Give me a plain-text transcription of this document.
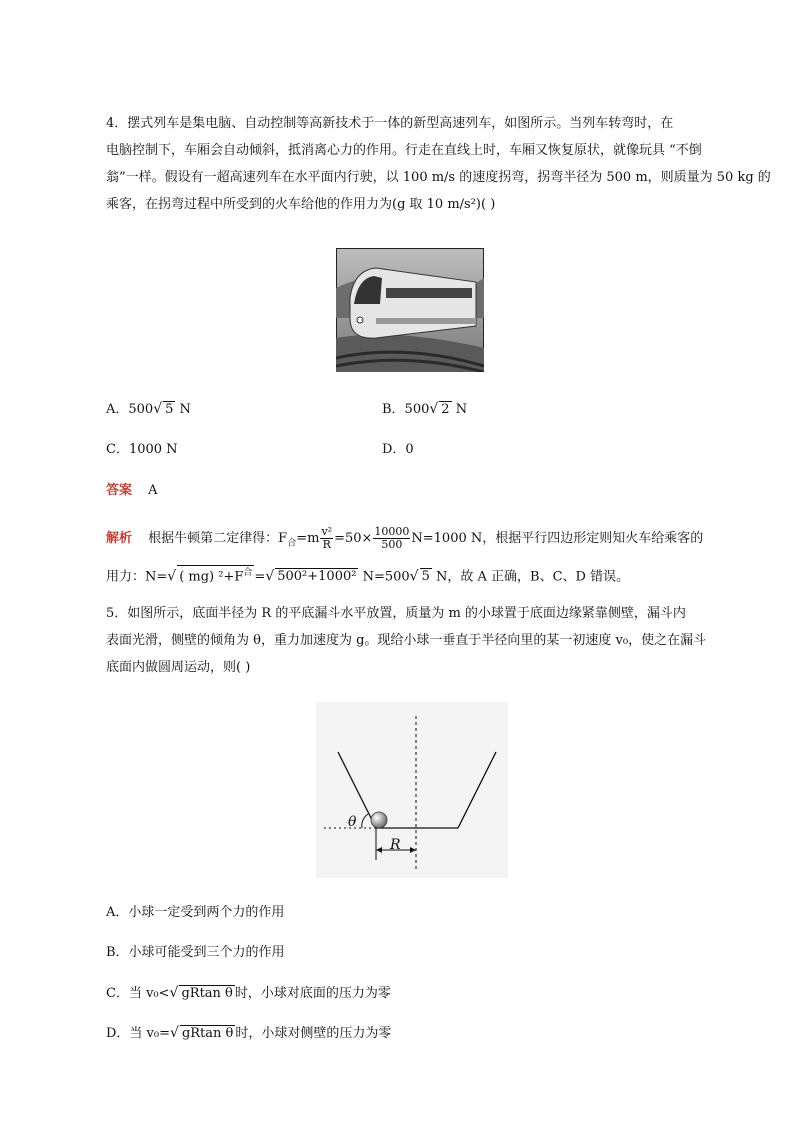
4．摆式列车是集电脑、自动控制等高新技术于一体的新型高速列车，如图所示。当列车转弯时，在
电脑控制下，车厢会自动倾斜，抵消离心力的作用。行走在直线上时，车厢又恢复原状，就像玩具 “不倒
翁”一样。假设有一超高速列车在水平面内行驶，以 100 m/s 的速度拐弯，拐弯半径为 500 m，则质量为 50 kg 的
乘客，在拐弯过程中所受到的火车给他的作用力为(g 取 10 m/s²)( )
A．500√ 5 N	B．500√ 2 N
C．1000 N	D．0
答案 A
解析 根据牛顿第二定律得：$F_合=m \frac{\text{v²}}{R} =50\times \frac{10000}{500} N=1000$ N，根据平行四边形定则知火车给乘客的
用力：N=√ ( mg) $^2+F^合$ =√ 500²+1000² N=500√ 5 N，故 A 正确，B、C、D 错误。
5．如图所示，底面半径为 R 的平底漏斗水平放置，质量为 m 的小球置于底面边缘紧靠侧壁，漏斗内
表面光滑，侧壁的倾角为 θ，重力加速度为 g。现给小球一垂直于半径向里的某一初速度 v₀，使之在漏斗
底面内做圆周运动，则( )
θ
R
A．小球一定受到两个力的作用
B．小球可能受到三个力的作用
C．当 v₀<√ gRtan θ 时，小球对底面的压力为零
D．当 v₀=√ gRtan θ 时，小球对侧壁的压力为零
